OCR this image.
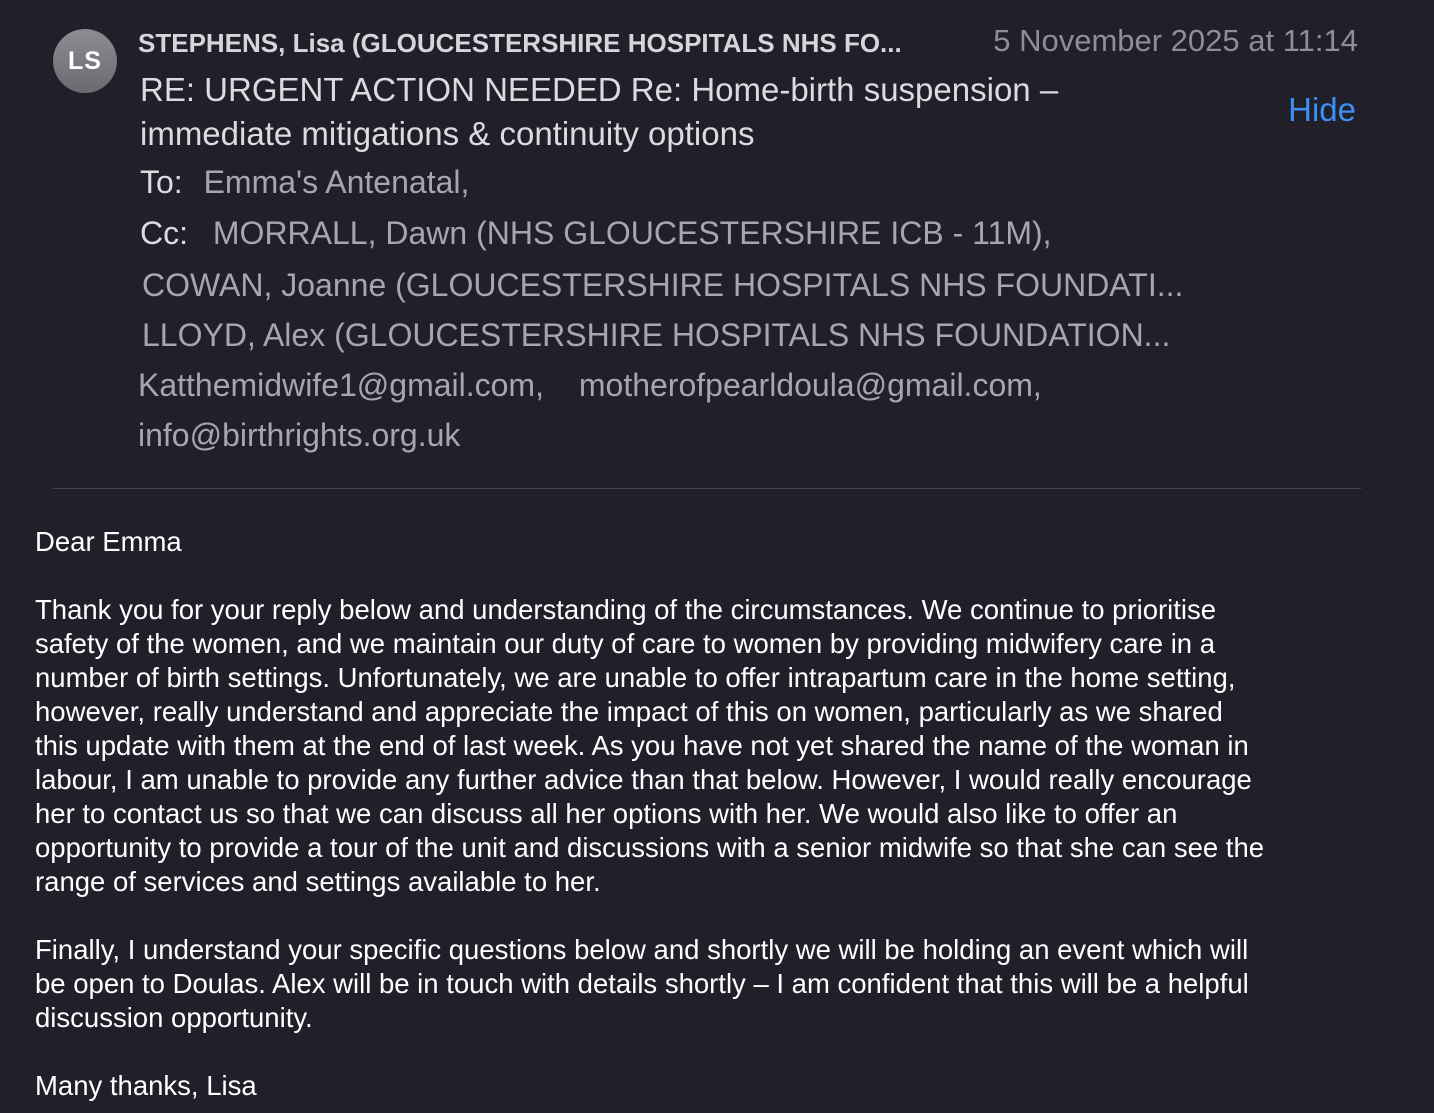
LS
STEPHENS, Lisa (GLOUCESTERSHIRE HOSPITALS NHS FO...	5 November 2025 at 11:14
RE: URGENT ACTION NEEDED Re: Home-birth suspension –
immediate mitigations & continuity options
Hide
To: Emma's Antenatal,
Cc: MORRALL, Dawn (NHS GLOUCESTERSHIRE ICB - 11M),
COWAN, Joanne (GLOUCESTERSHIRE HOSPITALS NHS FOUNDATI...
LLOYD, Alex (GLOUCESTERSHIRE HOSPITALS NHS FOUNDATION...
Katthemidwife1@gmail.com, motherofpearldoula@gmail.com,
info@birthrights.org.uk

Dear Emma

Thank you for your reply below and understanding of the circumstances. We continue to prioritise
safety of the women, and we maintain our duty of care to women by providing midwifery care in a
number of birth settings. Unfortunately, we are unable to offer intrapartum care in the home setting,
however, really understand and appreciate the impact of this on women, particularly as we shared
this update with them at the end of last week. As you have not yet shared the name of the woman in
labour, I am unable to provide any further advice than that below. However, I would really encourage
her to contact us so that we can discuss all her options with her. We would also like to offer an
opportunity to provide a tour of the unit and discussions with a senior midwife so that she can see the
range of services and settings available to her.
Finally, I understand your specific questions below and shortly we will be holding an event which will
be open to Doulas. Alex will be in touch with details shortly – I am confident that this will be a helpful
discussion opportunity.

Many thanks, Lisa
